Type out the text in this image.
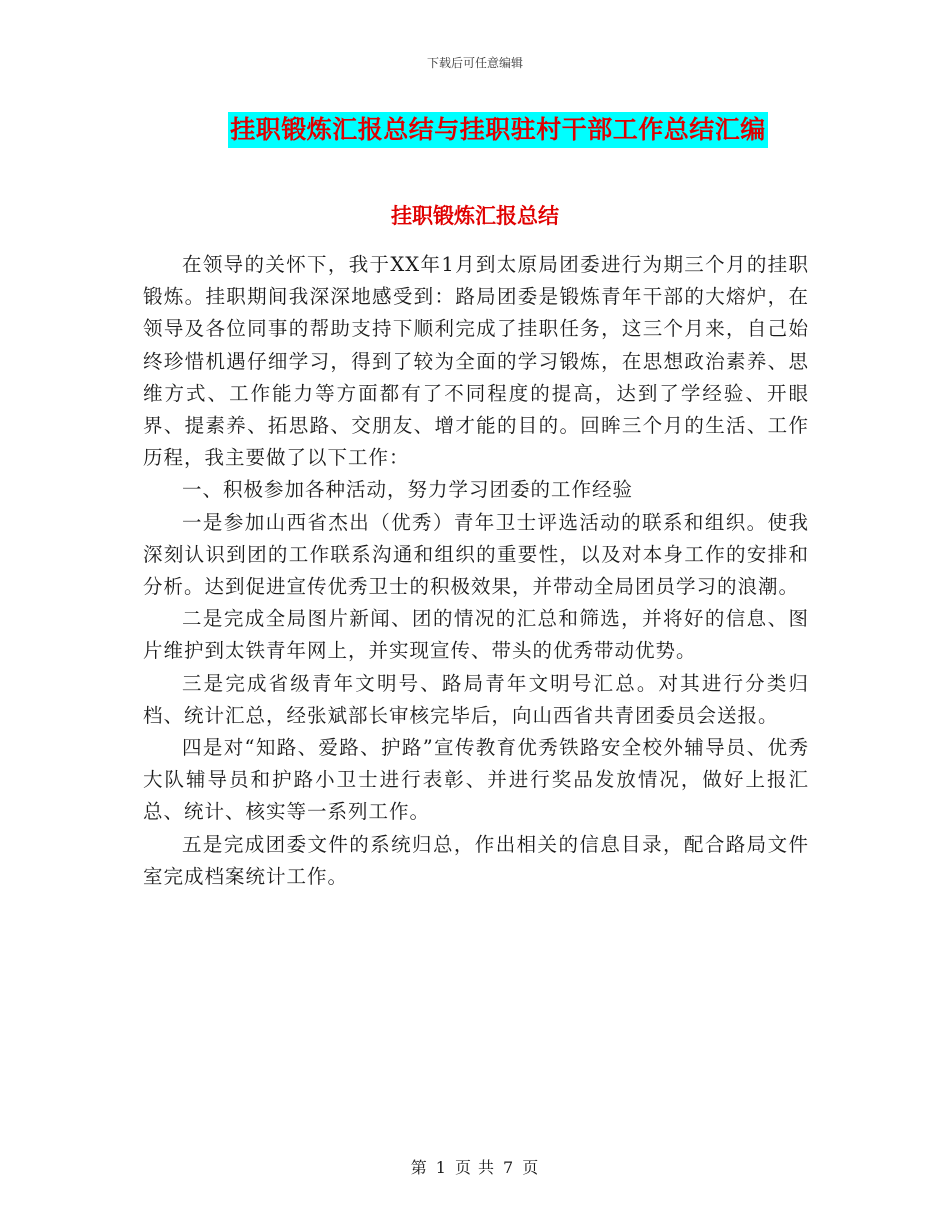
下载后可任意编辑
挂职锻炼汇报总结与挂职驻村干部工作总结汇编
挂职锻炼汇报总结

在领导的关怀下，我于XX年1月到太原局团委进行为期三个月的挂职锻炼。挂职期间我深深地感受到：路局团委是锻炼青年干部的大熔炉，在领导及各位同事的帮助支持下顺利完成了挂职任务，这三个月来，自己始终珍惜机遇仔细学习，得到了较为全面的学习锻炼，在思想政治素养、思维方式、工作能力等方面都有了不同程度的提高，达到了学经验、开眼界、提素养、拓思路、交朋友、增才能的目的。回眸三个月的生活、工作历程，我主要做了以下工作：

一、积极参加各种活动，努力学习团委的工作经验

一是参加山西省杰出（优秀）青年卫士评选活动的联系和组织。使我深刻认识到团的工作联系沟通和组织的重要性，以及对本身工作的安排和分析。达到促进宣传优秀卫士的积极效果，并带动全局团员学习的浪潮。

二是完成全局图片新闻、团的情况的汇总和筛选，并将好的信息、图片维护到太铁青年网上，并实现宣传、带头的优秀带动优势。

三是完成省级青年文明号、路局青年文明号汇总。对其进行分类归档、统计汇总，经张斌部长审核完毕后，向山西省共青团委员会送报。

四是对“知路、爱路、护路”宣传教育优秀铁路安全校外辅导员、优秀大队辅导员和护路小卫士进行表彰、并进行奖品发放情况，做好上报汇总、统计、核实等一系列工作。

五是完成团委文件的系统归总，作出相关的信息目录，配合路局文件室完成档案统计工作。

第 1 页 共 7 页
